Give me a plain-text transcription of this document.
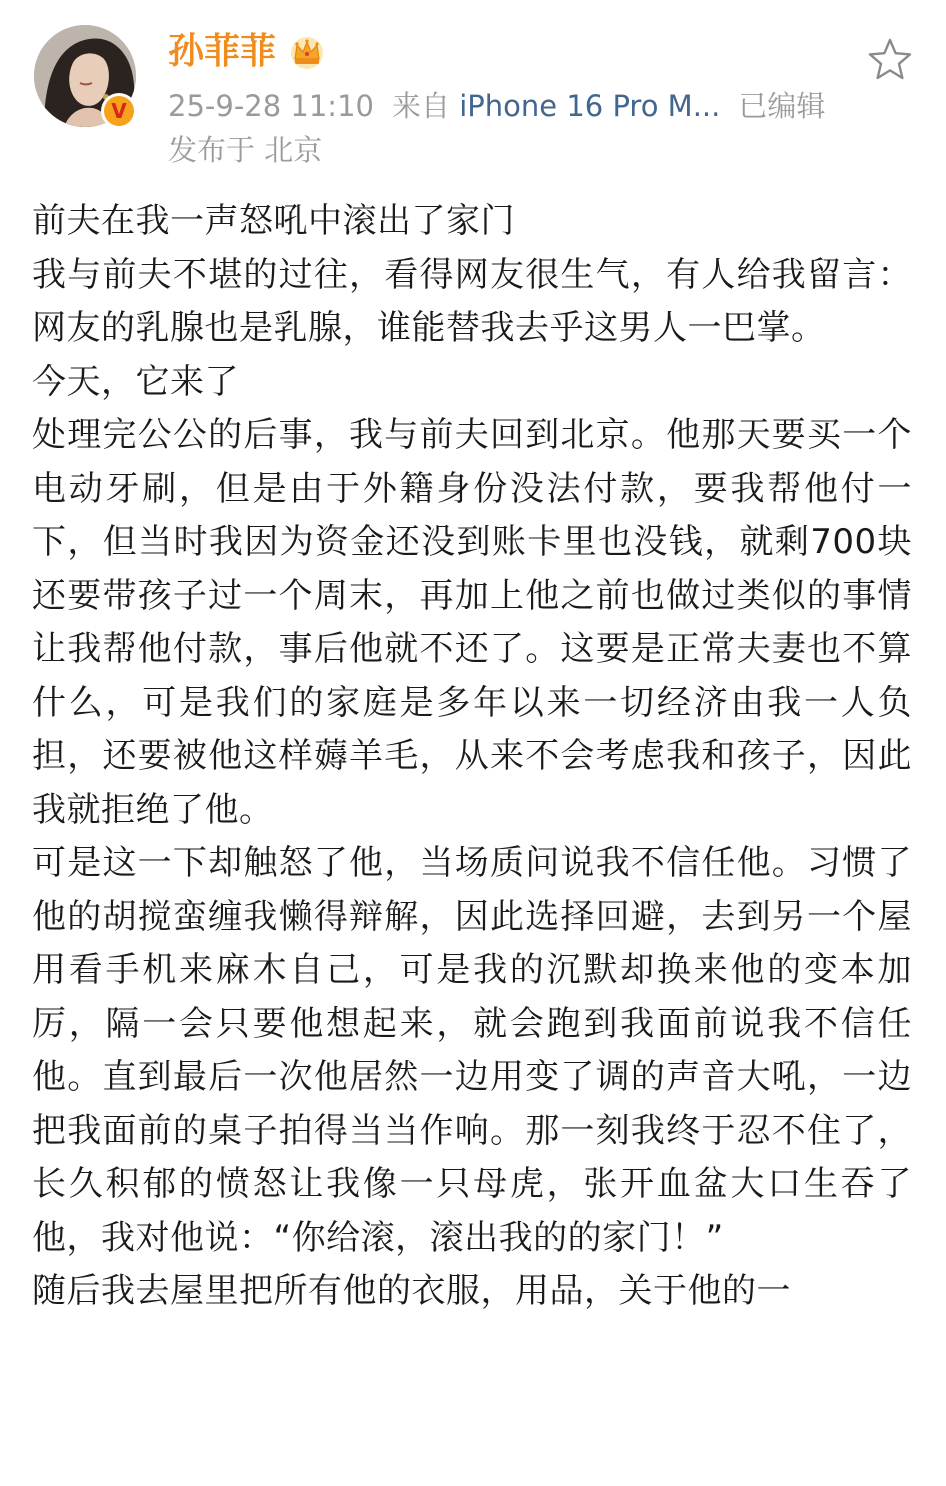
V
孙菲菲
25-9-28 11:10 来自 iPhone 16 Pro M... 已编辑
发布于 北京

前夫在我一声怒吼中滚出了家门

我与前夫不堪的过往，看得网友很生气，有人给我留言：网友的乳腺也是乳腺，谁能替我去乎这男人一巴掌。

今天，它来了

处理完公公的后事，我与前夫回到北京。他那天要买一个电动牙刷，但是由于外籍身份没法付款，要我帮他付一下，但当时我因为资金还没到账卡里也没钱，就剩700块还要带孩子过一个周末，再加上他之前也做过类似的事情让我帮他付款，事后他就不还了。这要是正常夫妻也不算什么，可是我们的家庭是多年以来一切经济由我一人负担，还要被他这样薅羊毛，从来不会考虑我和孩子，因此我就拒绝了他。

可是这一下却触怒了他，当场质问说我不信任他。习惯了他的胡搅蛮缠我懒得辩解，因此选择回避，去到另一个屋用看手机来麻木自己，可是我的沉默却换来他的变本加厉，隔一会只要他想起来，就会跑到我面前说我不信任他。直到最后一次他居然一边用变了调的声音大吼，一边把我面前的桌子拍得当当作响。那一刻我终于忍不住了，长久积郁的愤怒让我像一只母虎，张开血盆大口生吞了他，我对他说：“你给滚，滚出我的的家门！”

随后我去屋里把所有他的衣服，用品，关于他的一
